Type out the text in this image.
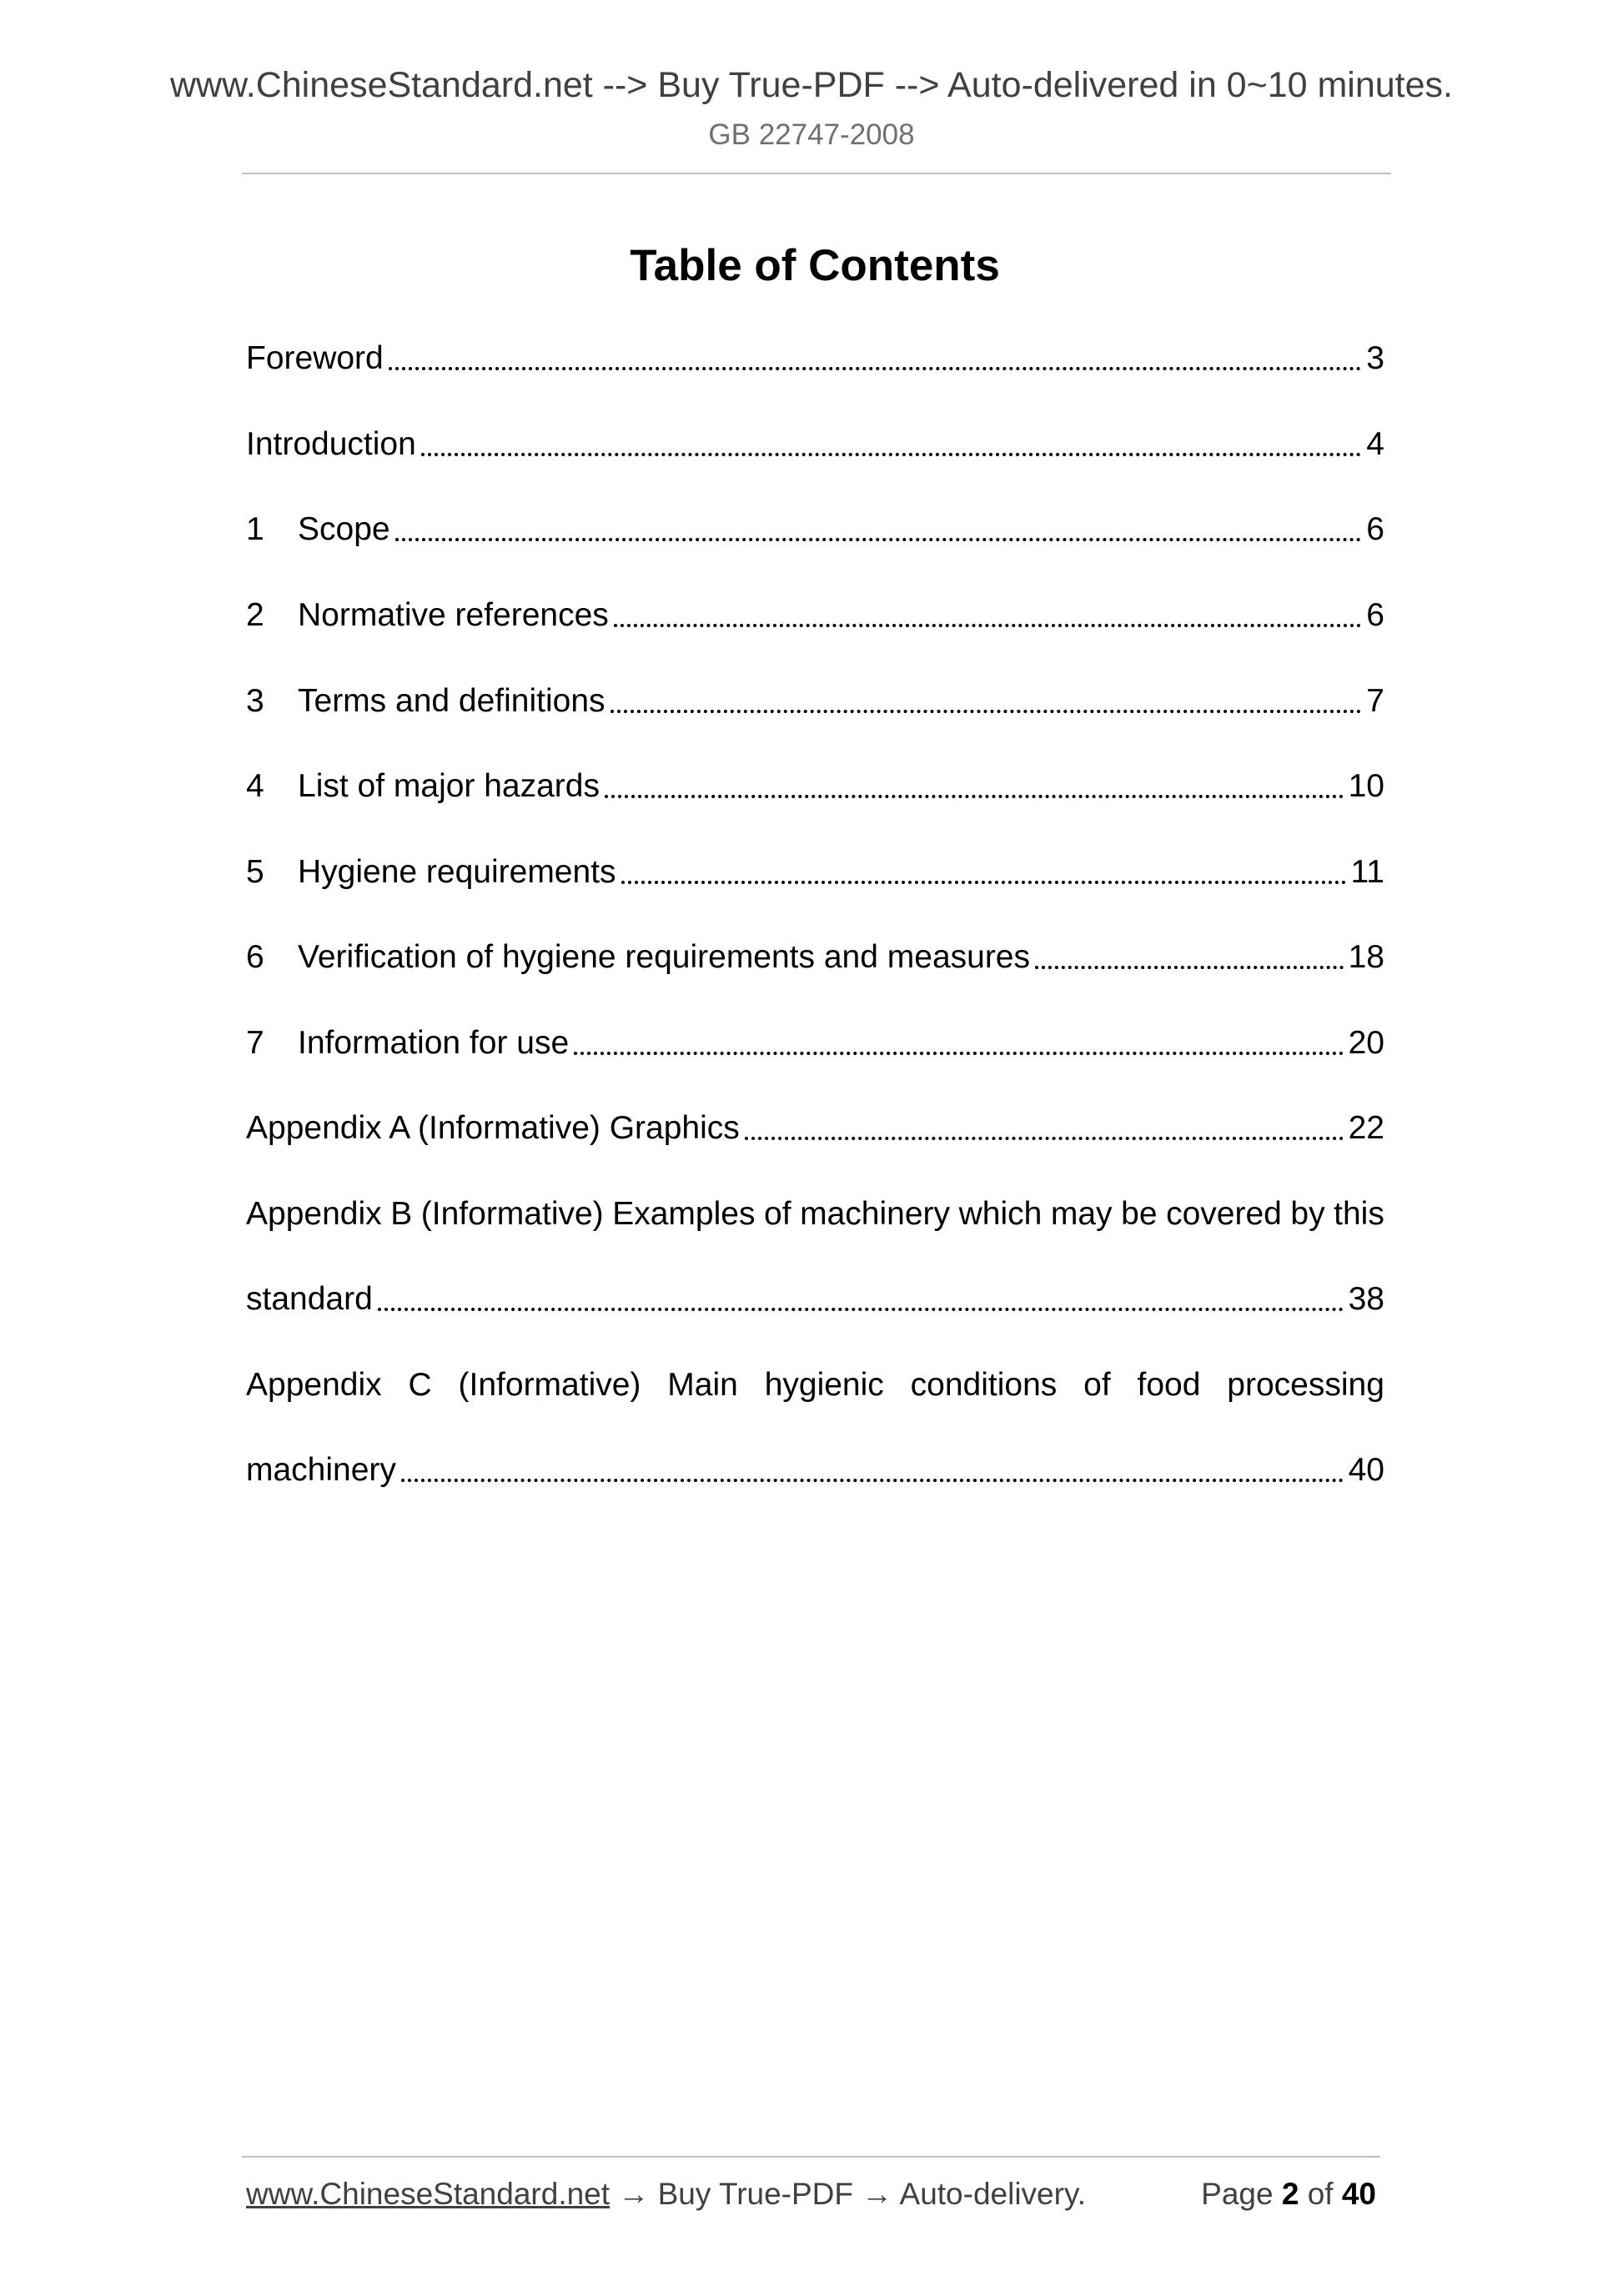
www.ChineseStandard.net --> Buy True-PDF --> Auto-delivered in 0~10 minutes.
GB 22747-2008
Table of Contents
Foreword	3
Introduction	4
1	Scope	6
2	Normative references	6
3	Terms and definitions	7
4	List of major hazards	10
5	Hygiene requirements	11
6	Verification of hygiene requirements and measures	18
7	Information for use	20
Appendix A (Informative) Graphics	22
Appendix B (Informative) Examples of machinery which may be covered by this
standard	38
Appendix C (Informative) Main hygienic conditions of food processing
machinery	40
www.ChineseStandard.net → Buy True-PDF → Auto-delivery.	Page 2 of 40
